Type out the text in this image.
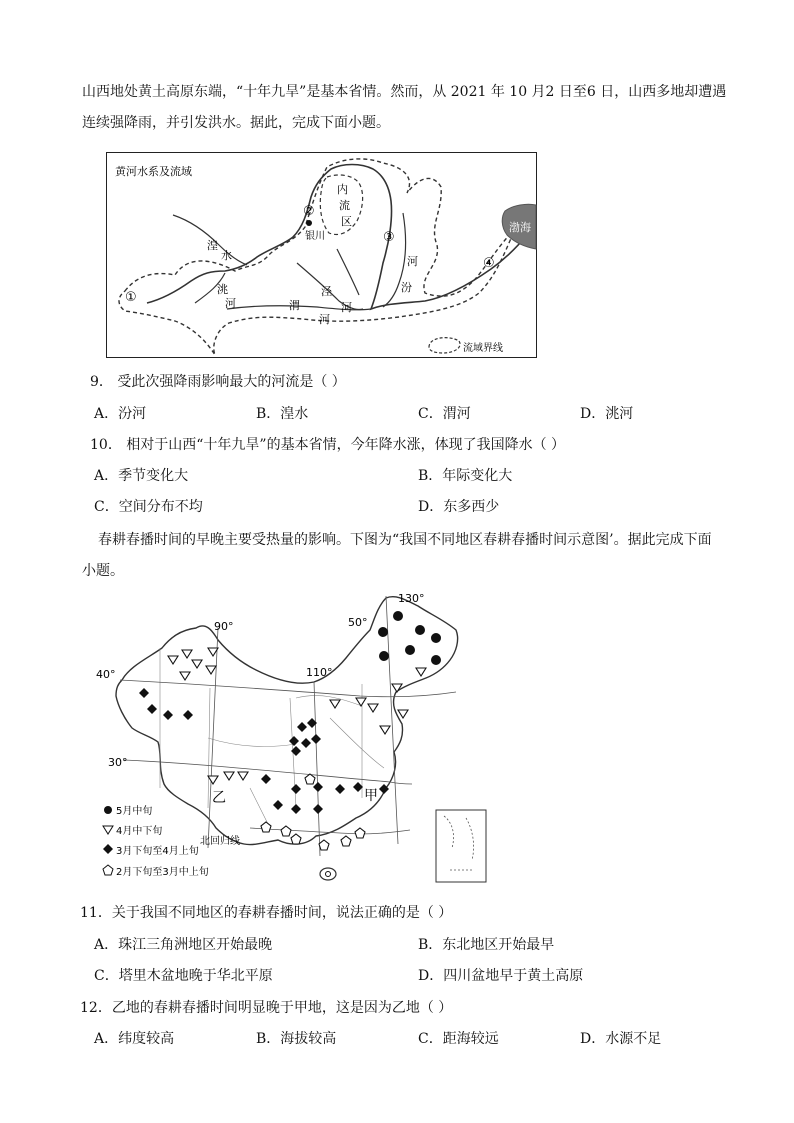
山西地处黄土高原东端，“十年九旱”是基本省情。然而，从 2021 年 10 月2 日至6 日，山西多地却遭遇
连续强降雨，并引发洪水。据此，完成下面小题。
黄河水系及流域
渤海
内
流
区
银川
湟
水
洮
河	渭
河
泾
河
河
汾
①
②
③
④
流域界线
9． 受此次强降雨影响最大的河流是（ ）
A．汾河	B．湟水	C．渭河	D．洮河
10． 相对于山西“十年九旱”的基本省情，今年降水涨，体现了我国降水（ ）
A．季节变化大	B．年际变化大
C．空间分布不均	D．东多西少
春耕春播时间的早晚主要受热量的影响。下图为“我国不同地区春耕春播时间示意图’。据此完成下面
小题。
90°
110°
130°
50°
40°
30°
乙	甲
北回归线
5月中旬
4月中下旬
3月下旬至4月上旬
2月下旬至3月中上旬
11．关于我国不同地区的春耕春播时间，说法正确的是（ ）
A．珠江三角洲地区开始最晚	B．东北地区开始最早
C．塔里木盆地晚于华北平原	D．四川盆地早于黄土高原
12．乙地的春耕春播时间明显晚于甲地，这是因为乙地（ ）
A．纬度较高	B．海拔较高	C．距海较远	D．水源不足
